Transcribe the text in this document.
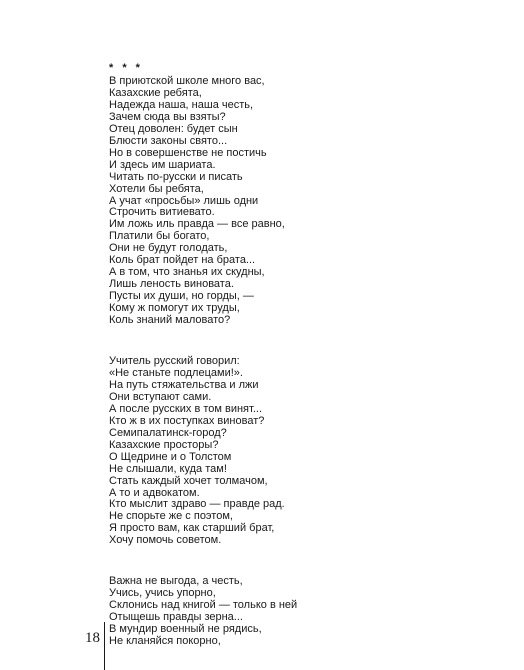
* * *
В приютской школе много вас,
Казахские ребята,
Надежда наша, наша честь,
Зачем сюда вы взяты?
Отец доволен: будет сын
Блюсти законы свято...
Но в совершенстве не постичь
И здесь им шариата.
Читать по-русски и писать
Хотели бы ребята,
А учат «просьбы» лишь одни
Строчить витиевато.
Им ложь иль правда — все равно,
Платили бы богато,
Они не будут голодать,
Коль брат пойдет на брата...
А в том, что знанья их скудны,
Лишь леность виновата.
Пусты их души, но горды, —
Кому ж помогут их труды,
Коль знаний маловато?
Учитель русский говорил:
«Не станьте подлецами!».
На путь стяжательства и лжи
Они вступают сами.
А после русских в том винят...
Кто ж в их поступках виноват?
Семипалатинск-город?
Казахские просторы?
О Щедрине и о Толстом
Не слышали, куда там!
Стать каждый хочет толмачом,
А то и адвокатом.
Кто мыслит здраво — правде рад.
Не спорьте же с поэтом,
Я просто вам, как старший брат,
Хочу помочь советом.
Важна не выгода, а честь,
Учись, учись упорно,
Склонись над книгой — только в ней
Отыщешь правды зерна...
В мундир военный не рядись,
Не кланяйся покорно,
18
